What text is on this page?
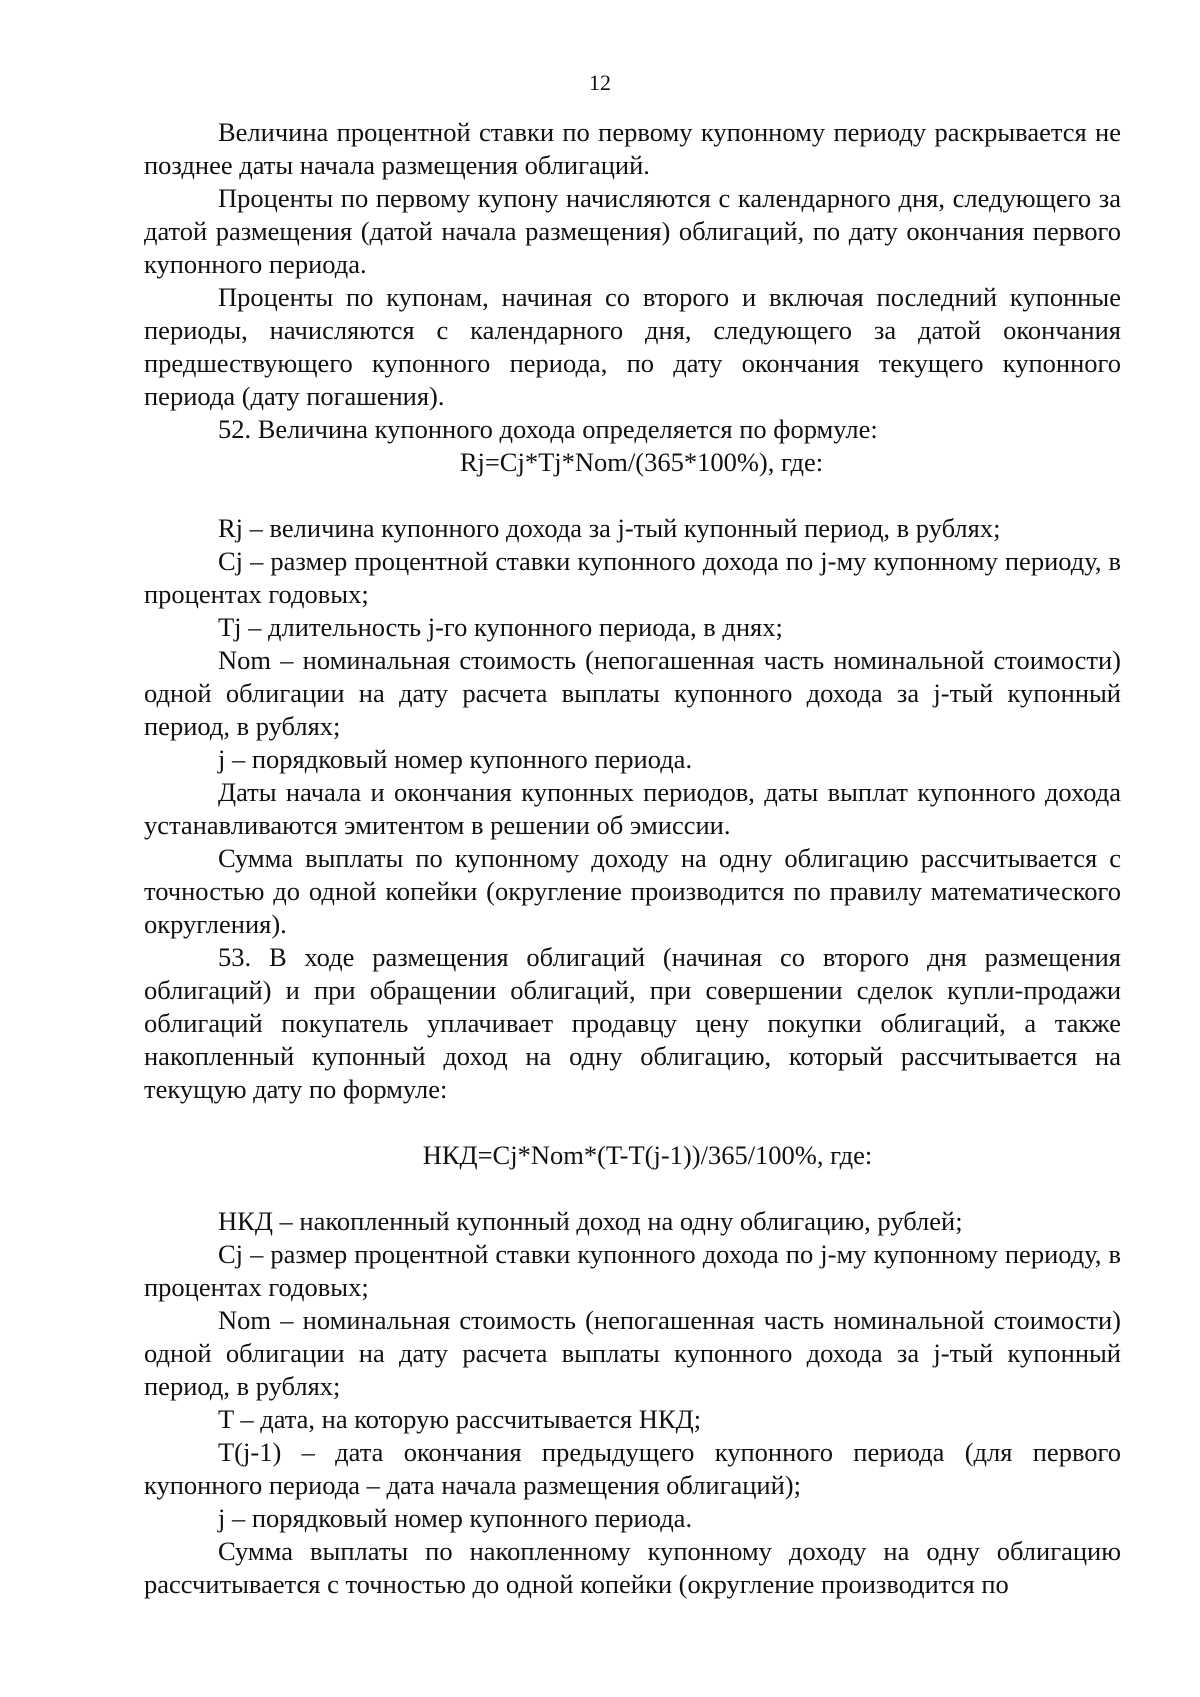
12

Величина процентной ставки по первому купонному периоду раскрывается не позднее даты начала размещения облигаций.

Проценты по первому купону начисляются с календарного дня, следующего за датой размещения (датой начала размещения) облигаций, по дату окончания первого купонного периода.

Проценты по купонам, начиная со второго и включая последний купонные периоды, начисляются с календарного дня, следующего за датой окончания предшествующего купонного периода, по дату окончания текущего купонного периода (дату погашения).

52. Величина купонного дохода определяется по формуле:

Rj=Cj*Tj*Nom/(365*100%), где:

Rj – величина купонного дохода за j-тый купонный период, в рублях;

Cj – размер процентной ставки купонного дохода по j-му купонному периоду, в процентах годовых;

Tj – длительность j-го купонного периода, в днях;

Nom – номинальная стоимость (непогашенная часть номинальной стоимости) одной облигации на дату расчета выплаты купонного дохода за j-тый купонный период, в рублях;

j – порядковый номер купонного периода.

Даты начала и окончания купонных периодов, даты выплат купонного дохода устанавливаются эмитентом в решении об эмиссии.

Сумма выплаты по купонному доходу на одну облигацию рассчитывается с точностью до одной копейки (округление производится по правилу математического округления).

53. В ходе размещения облигаций (начиная со второго дня размещения облигаций) и при обращении облигаций, при совершении сделок купли-продажи облигаций покупатель уплачивает продавцу цену покупки облигаций, а также накопленный купонный доход на одну облигацию, который рассчитывается на текущую дату по формуле:

НКД=Cj*Nom*(T-T(j-1))/365/100%, где:

НКД – накопленный купонный доход на одну облигацию, рублей;

Cj – размер процентной ставки купонного дохода по j-му купонному периоду, в процентах годовых;

Nom – номинальная стоимость (непогашенная часть номинальной стоимости) одной облигации на дату расчета выплаты купонного дохода за j-тый купонный период, в рублях;

T – дата, на которую рассчитывается НКД;

T(j-1) – дата окончания предыдущего купонного периода (для первого купонного периода – дата начала размещения облигаций);

j – порядковый номер купонного периода.

Сумма выплаты по накопленному купонному доходу на одну облигацию рассчитывается с точностью до одной копейки (округление производится по
